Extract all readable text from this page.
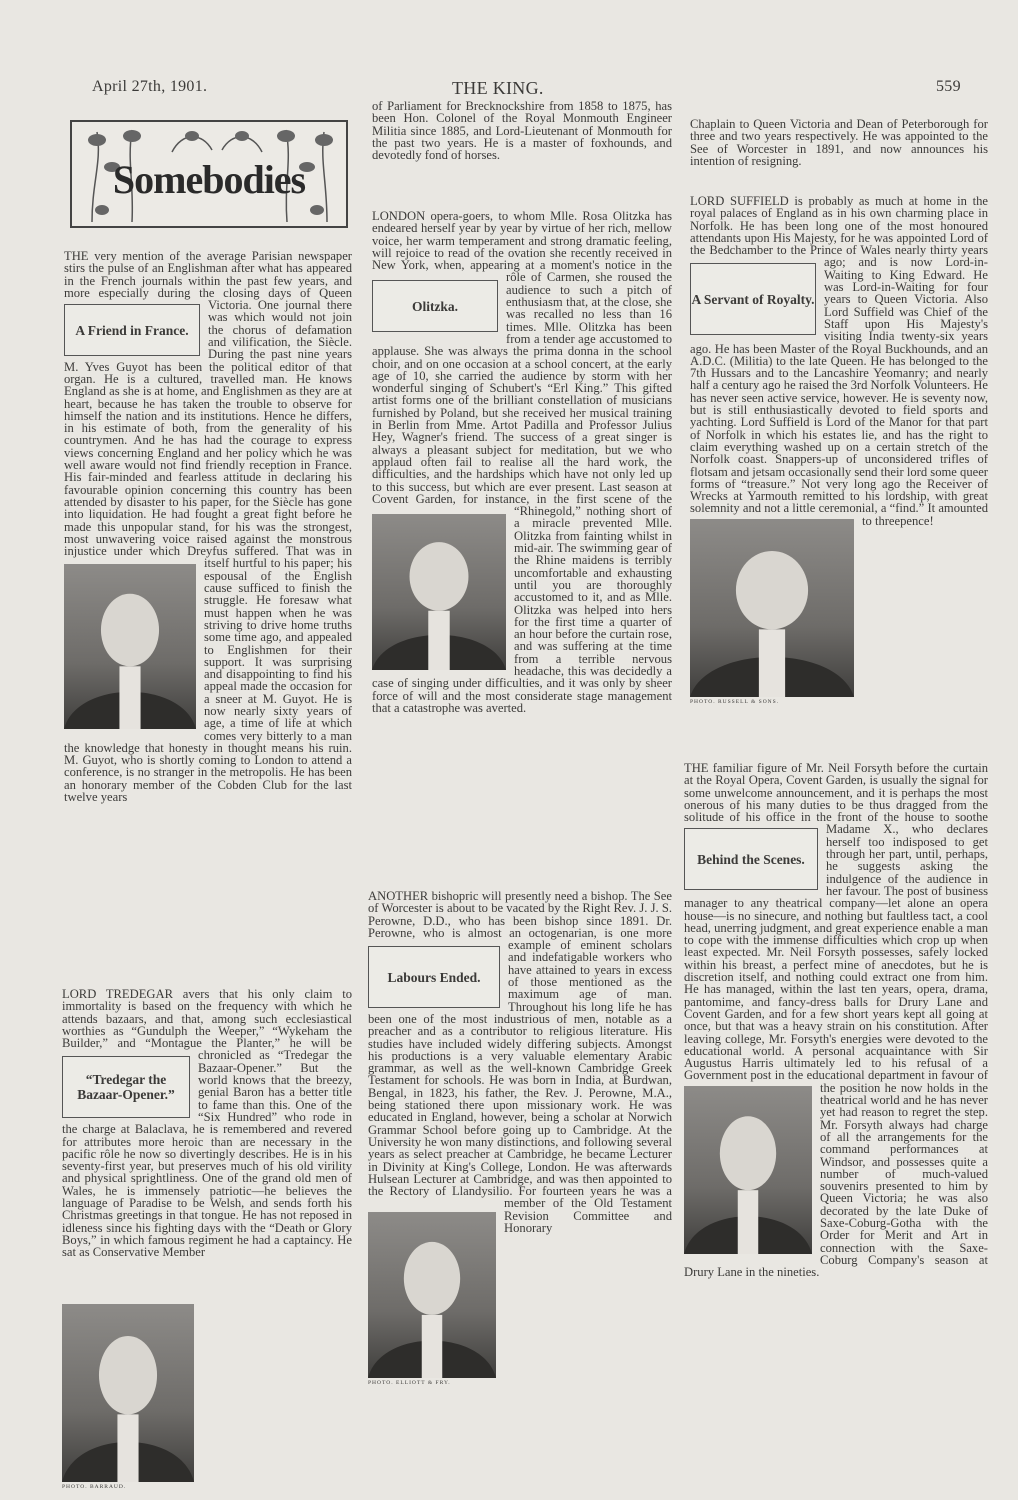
April 27th, 1901.	THE KING.	559
Somebodies
A Friend in France.

THE very mention of the average Parisian newspaper stirs the pulse of an Englishman after what has appeared in the French journals within the past few years, and more especially during the closing days of Queen Victoria. One journal there was which would not join the chorus of defamation and vilification, the Siècle. During the past nine years M. Yves Guyot has been the political editor of that organ. He is a cultured, travelled man. He knows England as she is at home, and Englishmen as they are at heart, because he has taken the trouble to observe for himself the nation and its institutions. Hence he differs, in his estimate of both, from the generality of his countrymen. And he has had the courage to express views concerning England and her policy which he was well aware would not find friendly reception in France. His fair-minded and fearless attitude in declaring his favourable opinion concerning this country has been attended by disaster to his paper, for the Siècle has gone into liquidation. He had fought a great fight before he made this unpopular stand, for his was the strongest, most unwavering voice raised against the monstrous injustice under which Dreyfus suffered. That was in itself hurtful to his paper; his espousal of the English cause sufficed to finish the struggle. He foresaw what must happen when he was striving to drive home truths some time ago, and appealed to Englishmen for their support. It was surprising and disappointing to find his appeal made the occasion for a sneer at M. Guyot. He is now nearly sixty years of age, a time of life at which comes very bitterly to a man the knowledge that honesty in thought means his ruin. M. Guyot, who is shortly coming to London to attend a conference, is no stranger in the metropolis. He has been an honorary member of the Cobden Club for the last twelve years

“Tredegar the Bazaar-Opener.”
PHOTO. BARRAUD.

LORD TREDEGAR avers that his only claim to immortality is based on the frequency with which he attends bazaars, and that, among such ecclesiastical worthies as “Gundulph the Weeper,” “Wykeham the Builder,” and “Montague the Planter,” he will be chronicled as “Tredegar the Bazaar-Opener.” But the world knows that the breezy, genial Baron has a better title to fame than this. One of the “Six Hundred” who rode in the charge at Balaclava, he is remembered and revered for attributes more heroic than are necessary in the pacific rôle he now so divertingly describes. He is in his seventy-first year, but preserves much of his old virility and physical sprightliness. One of the grand old men of Wales, he is immensely patriotic—he believes the language of Paradise to be Welsh, and sends forth his Christmas greetings in that tongue. He has not reposed in idleness since his fighting days with the “Death or Glory Boys,” in which famous regiment he had a captaincy. He sat as Conservative Member

of Parliament for Brecknockshire from 1858 to 1875, has been Hon. Colonel of the Royal Monmouth Engineer Militia since 1885, and Lord-Lieutenant of Monmouth for the past two years. He is a master of foxhounds, and devotedly fond of horses.

Olitzka.

LONDON opera-goers, to whom Mlle. Rosa Olitzka has endeared herself year by year by virtue of her rich, mellow voice, her warm temperament and strong dramatic feeling, will rejoice to read of the ovation she recently received in New York, when, appearing at a moment's notice in the rôle of Carmen, she roused the audience to such a pitch of enthusiasm that, at the close, she was recalled no less than 16 times. Mlle. Olitzka has been from a tender age accustomed to applause. She was always the prima donna in the school choir, and on one occasion at a school concert, at the early age of 10, she carried the audience by storm with her wonderful singing of Schubert's “Erl King.” This gifted artist forms one of the brilliant constellation of musicians furnished by Poland, but she received her musical training in Berlin from Mme. Artot Padilla and Professor Julius Hey, Wagner's friend. The success of a great singer is always a pleasant subject for meditation, but we who applaud often fail to realise all the hard work, the difficulties, and the hardships which have not only led up to this success, but which are ever present. Last season at Covent Garden, for instance, in the first scene of the “Rhinegold,” nothing short of a miracle prevented Mlle. Olitzka from fainting whilst in mid-air. The swimming gear of the Rhine maidens is terribly uncomfortable and exhausting until you are thoroughly accustomed to it, and as Mlle. Olitzka was helped into hers for the first time a quarter of an hour before the curtain rose, and was suffering at the time from a terrible nervous headache, this was decidedly a case of singing under difficulties, and it was only by sheer force of will and the most considerate stage management that a catastrophe was averted.

Labours Ended.
PHOTO. ELLIOTT & FRY.

ANOTHER bishopric will presently need a bishop. The See of Worcester is about to be vacated by the Right Rev. J. J. S. Perowne, D.D., who has been bishop since 1891. Dr. Perowne, who is almost an octogenarian, is one more example of eminent scholars and indefatigable workers who have attained to years in excess of those mentioned as the maximum age of man. Throughout his long life he has been one of the most industrious of men, notable as a preacher and as a contributor to religious literature. His studies have included widely differing subjects. Amongst his productions is a very valuable elementary Arabic grammar, as well as the well-known Cambridge Greek Testament for schools. He was born in India, at Burdwan, Bengal, in 1823, his father, the Rev. J. Perowne, M.A., being stationed there upon missionary work. He was educated in England, however, being a scholar at Norwich Grammar School before going up to Cambridge. At the University he won many distinctions, and following several years as select preacher at Cambridge, he became Lecturer in Divinity at King's College, London. He was afterwards Hulsean Lecturer at Cambridge, and was then appointed to the Rectory of Llandysilio. For fourteen years he was a member of the Old Testament Revision Committee and Honorary

Chaplain to Queen Victoria and Dean of Peterborough for three and two years respectively. He was appointed to the See of Worcester in 1891, and now announces his intention of resigning.

A Servant of Royalty.
PHOTO. RUSSELL & SONS.

LORD SUFFIELD is probably as much at home in the royal palaces of England as in his own charming place in Norfolk. He has been long one of the most honoured attendants upon His Majesty, for he was appointed Lord of the Bedchamber to the Prince of Wales nearly thirty years ago; and is now Lord-in-Waiting to King Edward. He was Lord-in-Waiting for four years to Queen Victoria. Also Lord Suffield was Chief of the Staff upon His Majesty's visiting India twenty-six years ago. He has been Master of the Royal Buckhounds, and an A.D.C. (Militia) to the late Queen. He has belonged to the 7th Hussars and to the Lancashire Yeomanry; and nearly half a century ago he raised the 3rd Norfolk Volunteers. He has never seen active service, however. He is seventy now, but is still enthusiastically devoted to field sports and yachting. Lord Suffield is Lord of the Manor for that part of Norfolk in which his estates lie, and has the right to claim everything washed up on a certain stretch of the Norfolk coast. Snappers-up of unconsidered trifles of flotsam and jetsam occasionally send their lord some queer forms of “treasure.” Not very long ago the Receiver of Wrecks at Yarmouth remitted to his lordship, with great solemnity and not a little ceremonial, a “find.” It amounted to threepence!

Behind the Scenes.

THE familiar figure of Mr. Neil Forsyth before the curtain at the Royal Opera, Covent Garden, is usually the signal for some unwelcome announcement, and it is perhaps the most onerous of his many duties to be thus dragged from the solitude of his office in the front of the house to soothe Madame X., who declares herself too indisposed to get through her part, until, perhaps, he suggests asking the indulgence of the audience in her favour. The post of business manager to any theatrical company—let alone an opera house—is no sinecure, and nothing but faultless tact, a cool head, unerring judgment, and great experience enable a man to cope with the immense difficulties which crop up when least expected. Mr. Neil Forsyth possesses, safely locked within his breast, a perfect mine of anecdotes, but he is discretion itself, and nothing could extract one from him. He has managed, within the last ten years, opera, drama, pantomime, and fancy-dress balls for Drury Lane and Covent Garden, and for a few short years kept all going at once, but that was a heavy strain on his constitution. After leaving college, Mr. Forsyth's energies were devoted to the educational world. A personal acquaintance with Sir Augustus Harris ultimately led to his refusal of a Government post in the educational department in favour of the position he now holds in the theatrical world and he has never yet had reason to regret the step. Mr. Forsyth always had charge of all the arrangements for the command performances at Windsor, and possesses quite a number of much-valued souvenirs presented to him by Queen Victoria; he was also decorated by the late Duke of Saxe-Coburg-Gotha with the Order for Merit and Art in connection with the Saxe-Coburg Company's season at Drury Lane in the nineties.
